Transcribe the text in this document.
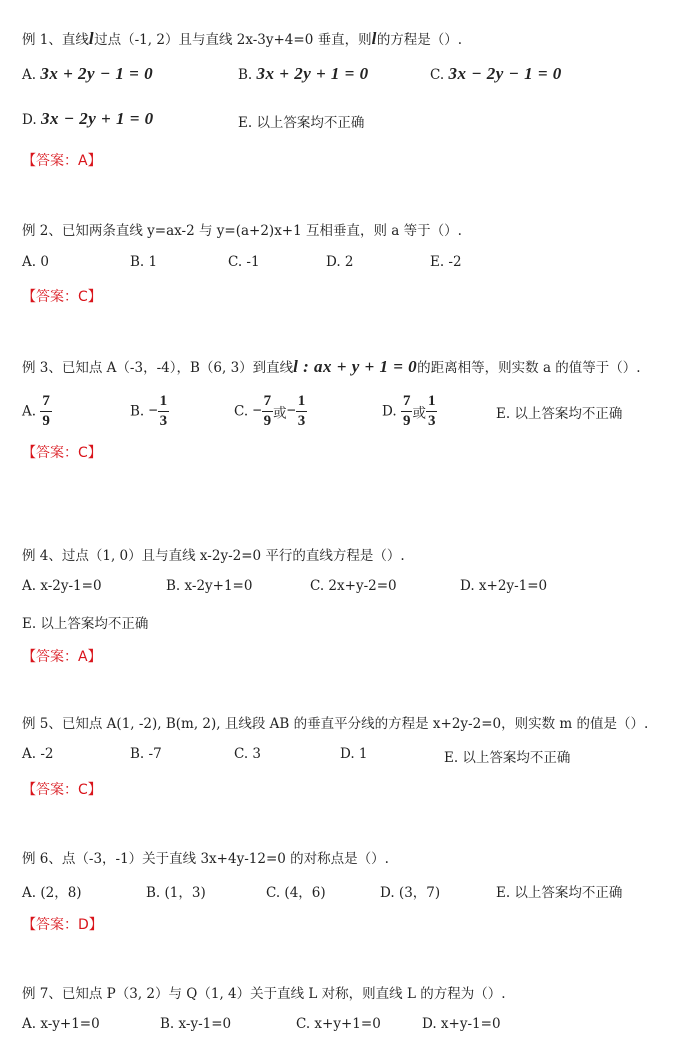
例 1、直线l过点（-1, 2）且与直线 2x-3y+4=0 垂直，则l的方程是（）.
A. 3x + 2y − 1 = 0	B. 3x + 2y + 1 = 0	C. 3x − 2y − 1 = 0
D. 3x − 2y + 1 = 0	E. 以上答案均不正确
【答案：A】
例 2、已知两条直线 y=ax-2 与 y=(a+2)x+1 互相垂直，则 a 等于（）.
A. 0	B. 1	C. -1	D. 2	E. -2
【答案：C】
例 3、已知点 A（-3，-4），B（6, 3）到直线l : ax + y + 1 = 0的距离相等，则实数 a 的值等于（）.
A. $\frac{7}{9}$	B. − $\frac{1}{3}$	C. − $\frac{7}{9}$ 或− $\frac{1}{3}$	D. $\frac{7}{9}$ 或 $\frac{1}{3}$	E. 以上答案均不正确
【答案：C】
例 4、过点（1, 0）且与直线 x-2y-2=0 平行的直线方程是（）.
A. x-2y-1=0	B. x-2y+1=0	C. 2x+y-2=0	D. x+2y-1=0
E. 以上答案均不正确
【答案：A】
例 5、已知点 A(1, -2), B(m, 2), 且线段 AB 的垂直平分线的方程是 x+2y-2=0，则实数 m 的值是（）.
A. -2	B. -7	C. 3	D. 1	E. 以上答案均不正确
【答案：C】
例 6、点（-3，-1）关于直线 3x+4y-12=0 的对称点是（）.
A. (2，8)	B. (1，3)	C. (4，6)	D. (3，7)	E. 以上答案均不正确
【答案：D】
例 7、已知点 P（3, 2）与 Q（1, 4）关于直线 L 对称，则直线 L 的方程为（）.
A. x-y+1=0	B. x-y-1=0	C. x+y+1=0	D. x+y-1=0
